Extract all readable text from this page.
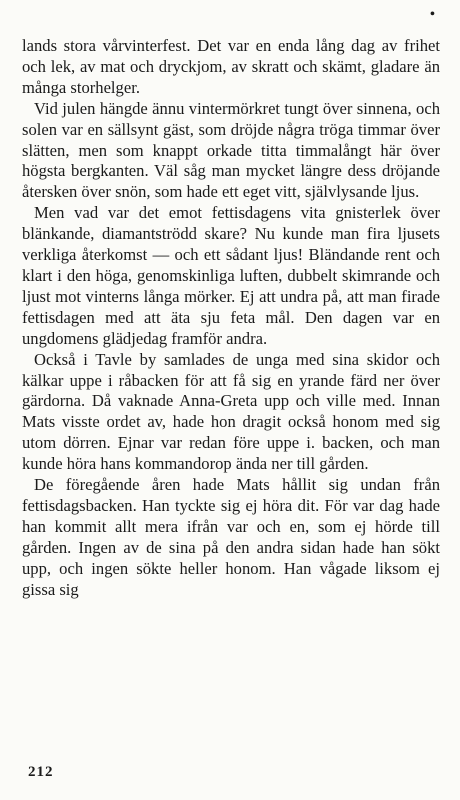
•

lands stora vårvinterfest. Det var en enda lång dag av frihet och lek, av mat och dryckjom, av skratt och skämt, gladare än många storhelger.

Vid julen hängde ännu vintermörkret tungt över sinnena, och solen var en sällsynt gäst, som dröjde några tröga timmar över slätten, men som knappt orkade titta timmalångt här över högsta bergkanten. Väl såg man mycket längre dess dröjande återsken över snön, som hade ett eget vitt, självlysande ljus.

Men vad var det emot fettisdagens vita gnisterlek över blänkande, diamantströdd skare? Nu kunde man fira ljusets verkliga återkomst — och ett sådant ljus! Bländande rent och klart i den höga, genomskinliga luften, dubbelt skimrande och ljust mot vinterns långa mörker. Ej att undra på, att man firade fettisdagen med att äta sju feta mål. Den dagen var en ungdomens glädjedag framför andra.

Också i Tavle by samlades de unga med sina skidor och kälkar uppe i råbacken för att få sig en yrande färd ner över gärdorna. Då vaknade Anna-Greta upp och ville med. Innan Mats visste ordet av, hade hon dragit också honom med sig utom dörren. Ejnar var redan före uppe i. backen, och man kunde höra hans kommandorop ända ner till gården.

De föregående åren hade Mats hållit sig undan från fettisdagsbacken. Han tyckte sig ej höra dit. För var dag hade han kommit allt mera ifrån var och en, som ej hörde till gården. Ingen av de sina på den andra sidan hade han sökt upp, och ingen sökte heller honom. Han vågade liksom ej gissa sig

212
